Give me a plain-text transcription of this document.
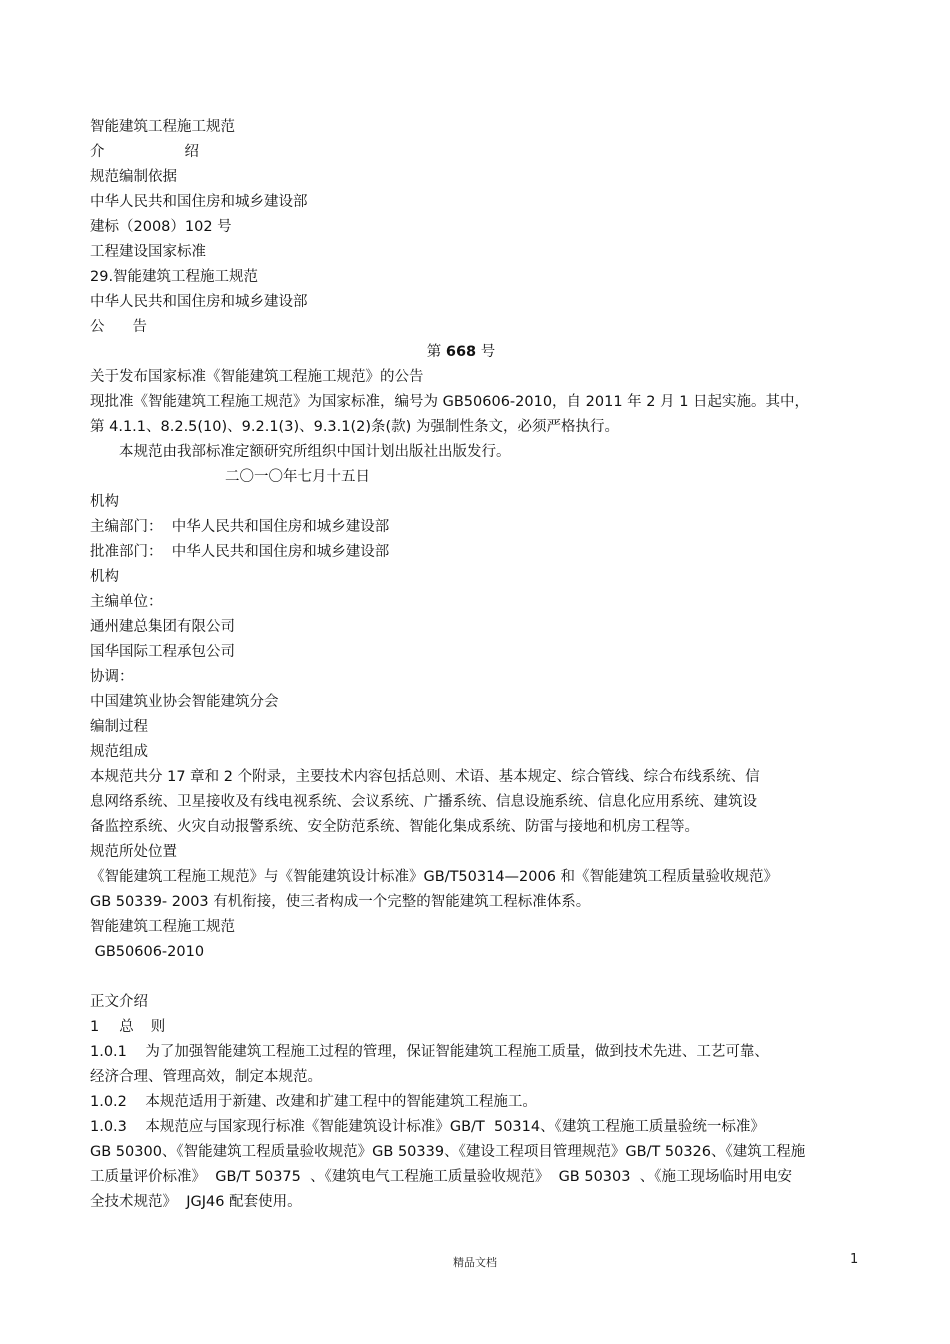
智能建筑工程施工规范
介	绍
规范编制依据
中华人民共和国住房和城乡建设部
建标（2008）102 号
工程建设国家标准
29.智能建筑工程施工规范
中华人民共和国住房和城乡建设部
公 告
第 668 号
关于发布国家标准《智能建筑工程施工规范》的公告
现批准《智能建筑工程施工规范》为国家标准，编号为 GB50606-2010，自 2011 年 2 月 1 日起实施。其中，
第 4.1.1、8.2.5(10)、9.2.1(3)、9.3.1(2)条(款) 为强制性条文，必须严格执行。
本规范由我部标准定额研究所组织中国计划出版社出版发行。
二〇一〇年七月十五日
机构
主编部门：  中华人民共和国住房和城乡建设部
批准部门：  中华人民共和国住房和城乡建设部
机构
主编单位：
通州建总集团有限公司
国华国际工程承包公司
协调：
中国建筑业协会智能建筑分会
编制过程
规范组成
本规范共分 17 章和 2 个附录，主要技术内容包括总则、术语、基本规定、综合管线、综合布线系统、信
息网络系统、卫星接收及有线电视系统、会议系统、广播系统、信息设施系统、信息化应用系统、建筑设
备监控系统、火灾自动报警系统、安全防范系统、智能化集成系统、防雷与接地和机房工程等。
规范所处位置
《智能建筑工程施工规范》与《智能建筑设计标准》GB/T50314—2006 和《智能建筑工程质量验收规范》
GB 50339- 2003 有机衔接，使三者构成一个完整的智能建筑工程标准体系。
智能建筑工程施工规范
GB50606-2010
正文介绍
1 总 则
1.0.1    为了加强智能建筑工程施工过程的管理，保证智能建筑工程施工质量，做到技术先进、工艺可靠、
经济合理、管理高效，制定本规范。
1.0.2    本规范适用于新建、改建和扩建工程中的智能建筑工程施工。
1.0.3    本规范应与国家现行标准《智能建筑设计标准》GB/T  50314、《建筑工程施工质量验统一标准》
GB 50300、《智能建筑工程质量验收规范》GB 50339、《建设工程项目管理规范》GB/T 50326、《建筑工程施
工质量评价标准》  GB/T 50375  、《建筑电气工程施工质量验收规范》  GB 50303  、《施工现场临时用电安
全技术规范》  JGJ46 配套使用。
精品文档	1
